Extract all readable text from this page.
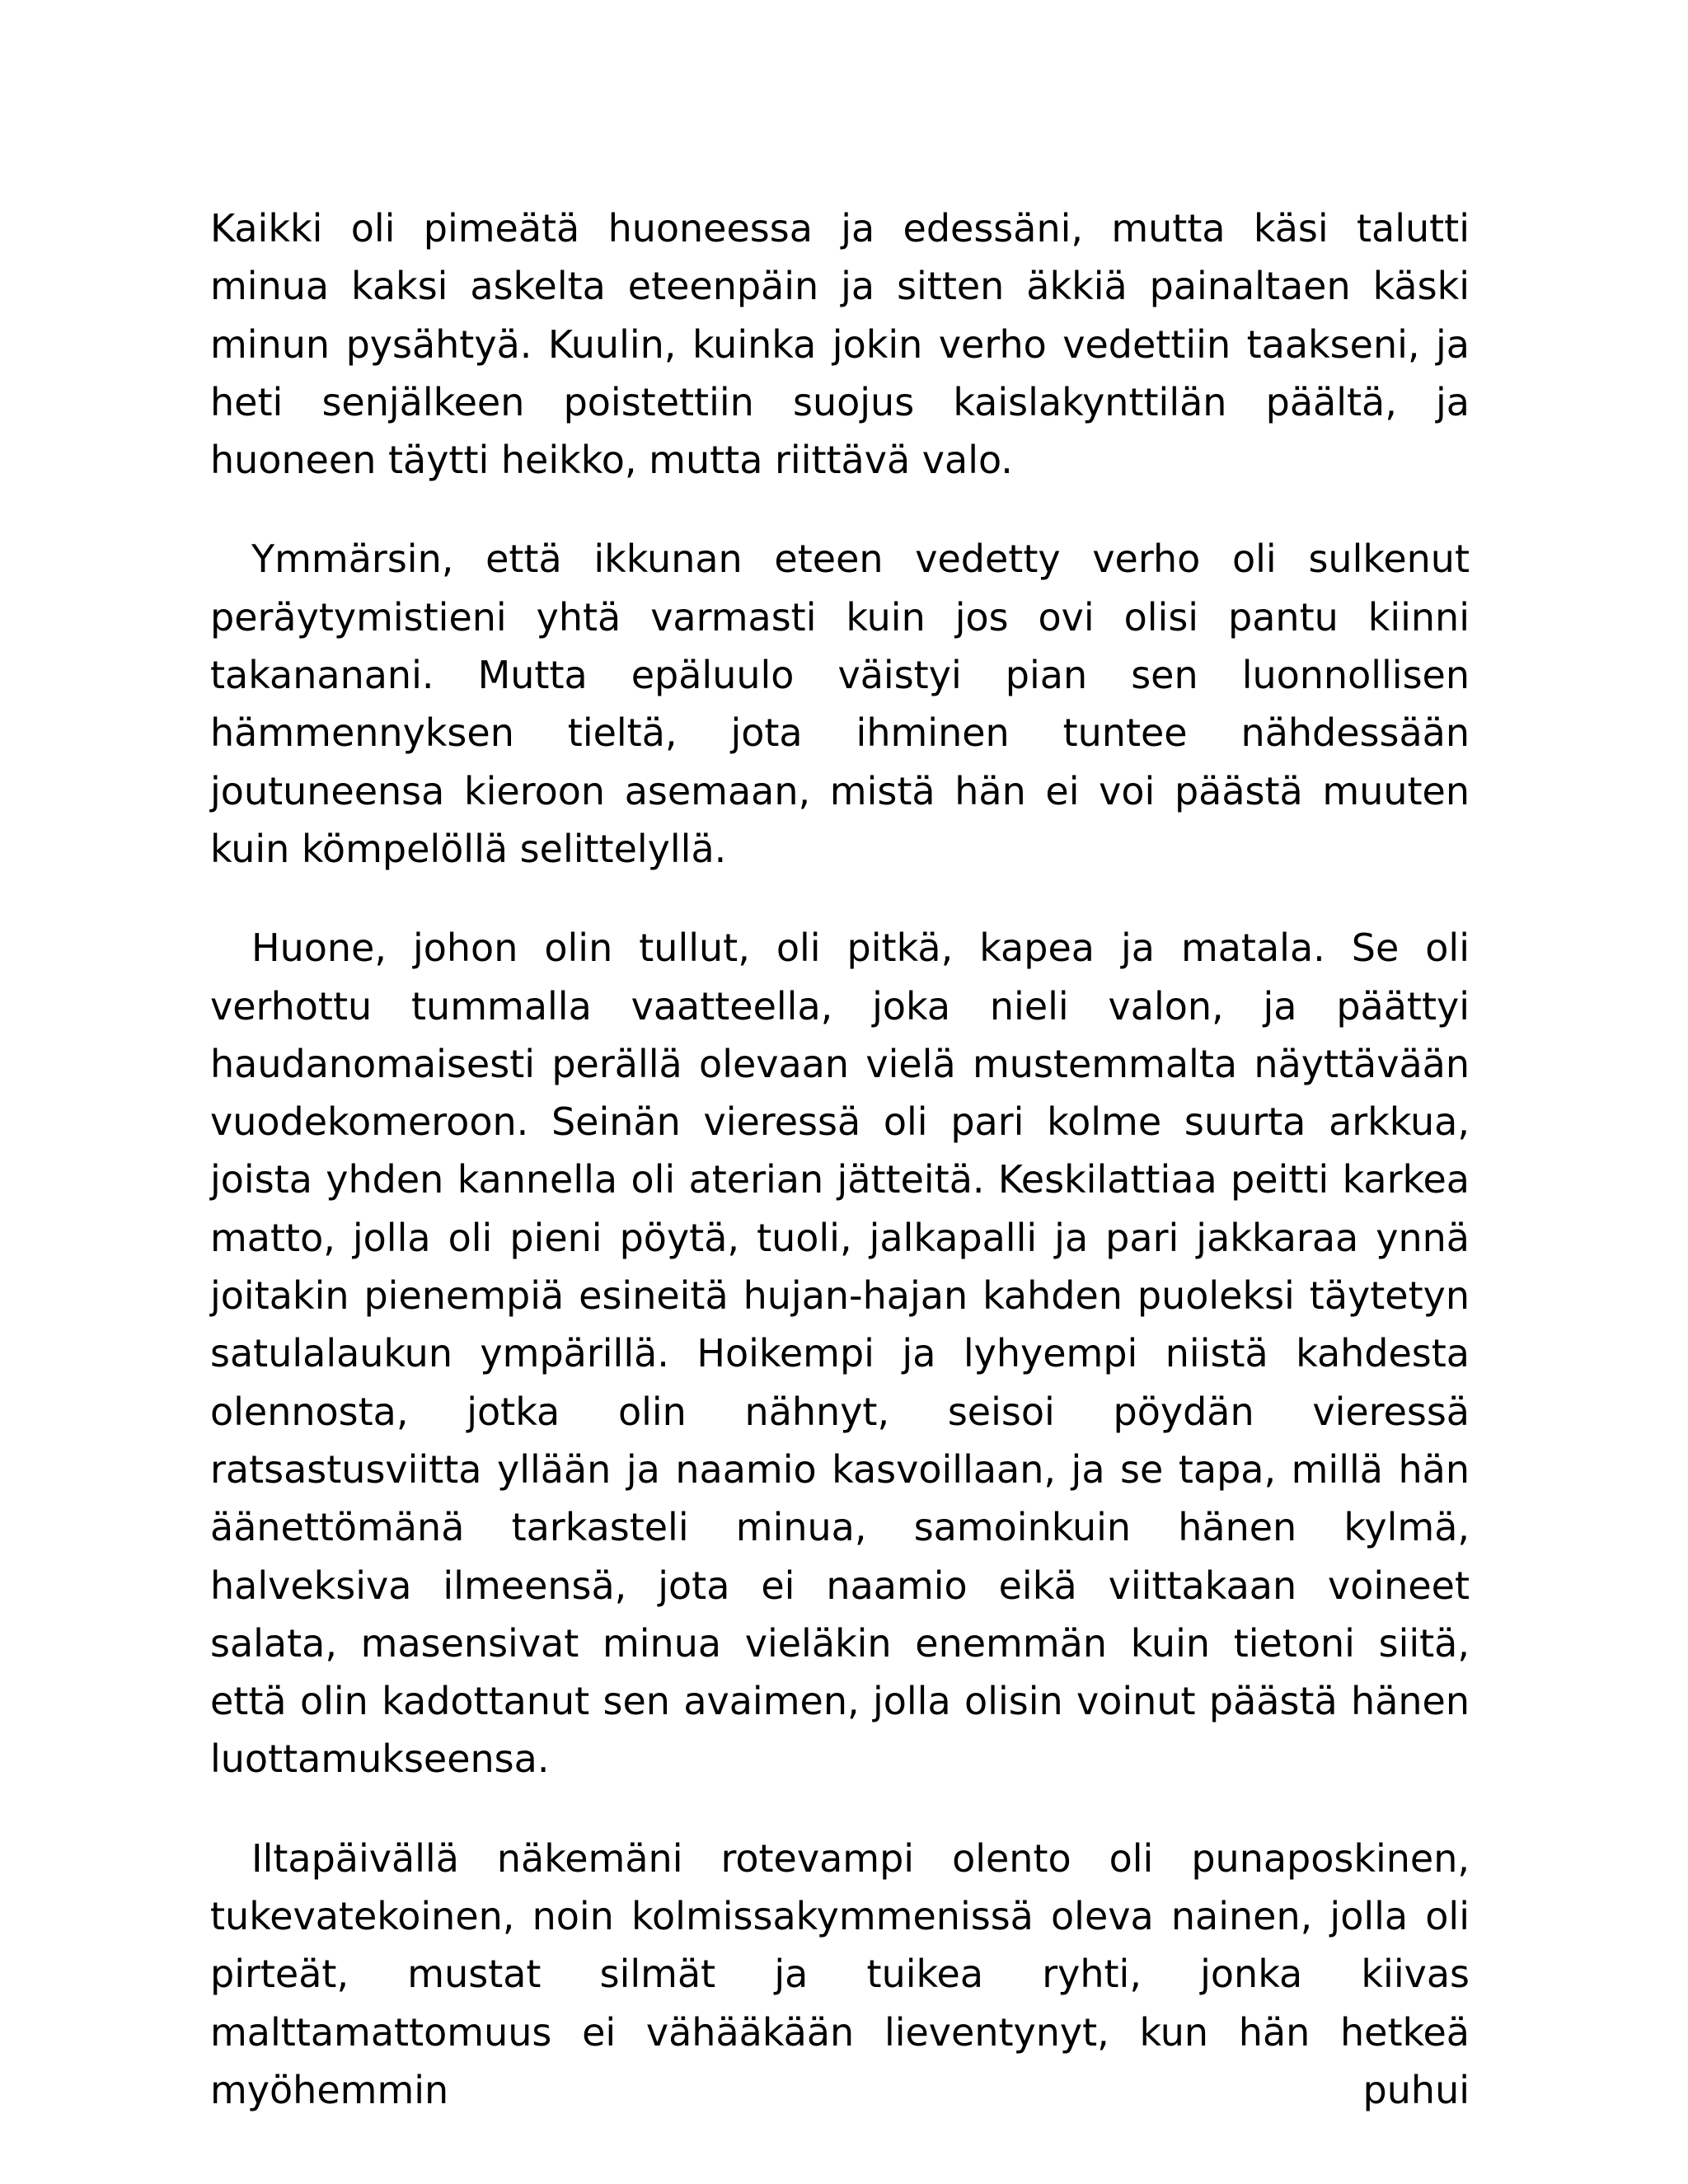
Kaikki oli pimeätä huoneessa ja edessäni, mutta käsi talutti minua kaksi askelta eteenpäin ja sitten äkkiä painaltaen käski minun pysähtyä. Kuulin, kuinka jokin verho vedettiin taakseni, ja heti senjälkeen poistettiin suojus kaislakynttilän päältä, ja huoneen täytti heikko, mutta riittävä valo.

Ymmärsin, että ikkunan eteen vedetty verho oli sulkenut peräytymistieni yhtä varmasti kuin jos ovi olisi pantu kiinni takananani. Mutta epäluulo väistyi pian sen luonnollisen hämmennyksen tieltä, jota ihminen tuntee nähdessään joutuneensa kieroon asemaan, mistä hän ei voi päästä muuten kuin kömpelöllä selittelyllä.

Huone, johon olin tullut, oli pitkä, kapea ja matala. Se oli verhottu tummalla vaatteella, joka nieli valon, ja päättyi haudanomaisesti perällä olevaan vielä mustemmalta näyttävään vuodekomeroon. Seinän vieressä oli pari kolme suurta arkkua, joista yhden kannella oli aterian jätteitä. Keskilattiaa peitti karkea matto, jolla oli pieni pöytä, tuoli, jalkapalli ja pari jakkaraa ynnä joitakin pienempiä esineitä hujan-hajan kahden puoleksi täytetyn satulalaukun ympärillä. Hoikempi ja lyhyempi niistä kahdesta olennosta, jotka olin nähnyt, seisoi pöydän vieressä ratsastusviitta yllään ja naamio kasvoillaan, ja se tapa, millä hän äänettömänä tarkasteli minua, samoinkuin hänen kylmä, halveksiva ilmeensä, jota ei naamio eikä viittakaan voineet salata, masensivat minua vieläkin enemmän kuin tietoni siitä, että olin kadottanut sen avaimen, jolla olisin voinut päästä hänen luottamukseensa.

Iltapäivällä näkemäni rotevampi olento oli punaposkinen, tukevatekoinen, noin kolmissakymmenissä oleva nainen, jolla oli pirteät, mustat silmät ja tuikea ryhti, jonka kiivas malttamattomuus ei vähääkään lieventynyt, kun hän hetkeä myöhemmin puhui
